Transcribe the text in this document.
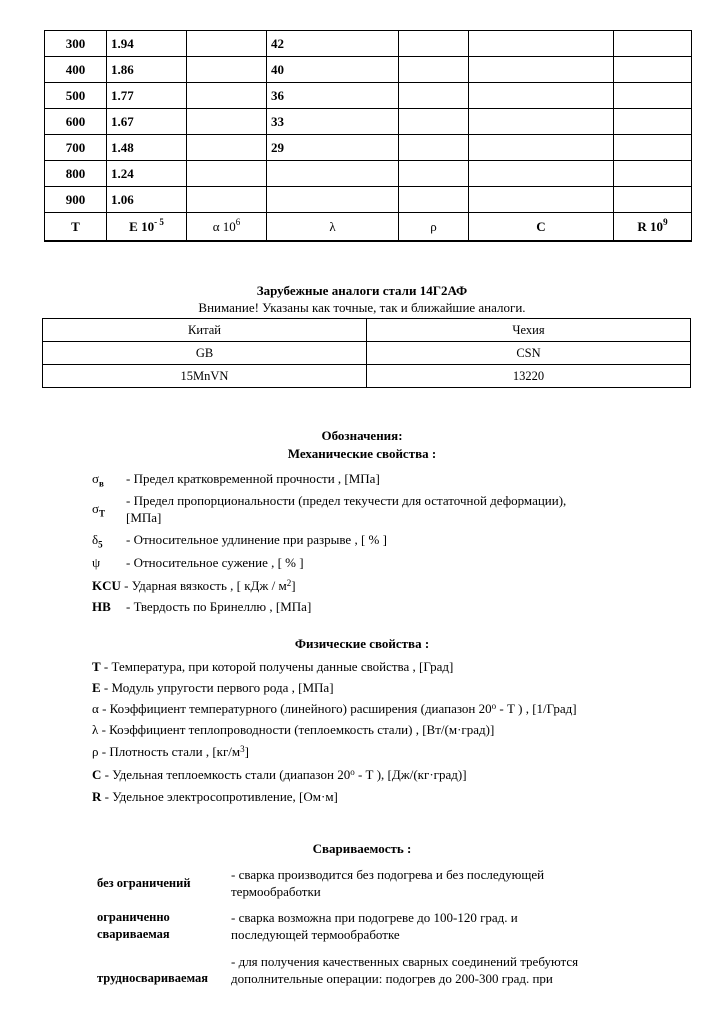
300	1.94		42			
400	1.86		40			
500	1.77		36			
600	1.67		33			
700	1.48		29			
800	1.24					
900	1.06					
T	E $10^{- 5}$	α $10^6$	λ	ρ	C	R $10^9$
Зарубежные аналоги стали 14Г2АФ
Внимание! Указаны как точные, так и ближайшие аналоги.
Китай	Чехия
GB	CSN
15MnVN	13220
Обозначения:
Механические свойства :
$\sigma_в$ - Предел кратковременной прочности , [МПа]
$\sigma_T-$ Предел пропорциональности (предел текучести для остаточной деформации),
[МПа]
$\delta_5$ - Относительное удлинение при разрыве , [ % ]
ψ - Относительное сужение , [ % ]
KCU - Ударная вязкость , [ кДж / $м^2$]
HB - Твердость по Бринеллю , [МПа]
Физические свойства :
T - Температура, при которой получены данные свойства , [Град]
E - Модуль упругости первого рода , [МПа]
α - Коэффициент температурного (линейного) расширения (диапазон 20$^o$ - Т ) , [1/Град]
λ - Коэффициент теплопроводности (теплоемкость стали) , [Вт/(м·град)]
ρ - Плотность стали , $[кг/м^3]$
C - Удельная теплоемкость стали (диапазон 20$^o$ - Т ), [Дж/(кг·град)]
R - Удельное электросопротивление, [Ом·м]
Свариваемость :
без ограничений
- сварка производится без подогрева и без последующей
термообработки
ограниченно
свариваемая
- сварка возможна при подогреве до 100-120 град. и
последующей термообработке
трудносвариваемая
- для получения качественных сварных соединений требуются
дополнительные операции: подогрев до 200-300 град. при
